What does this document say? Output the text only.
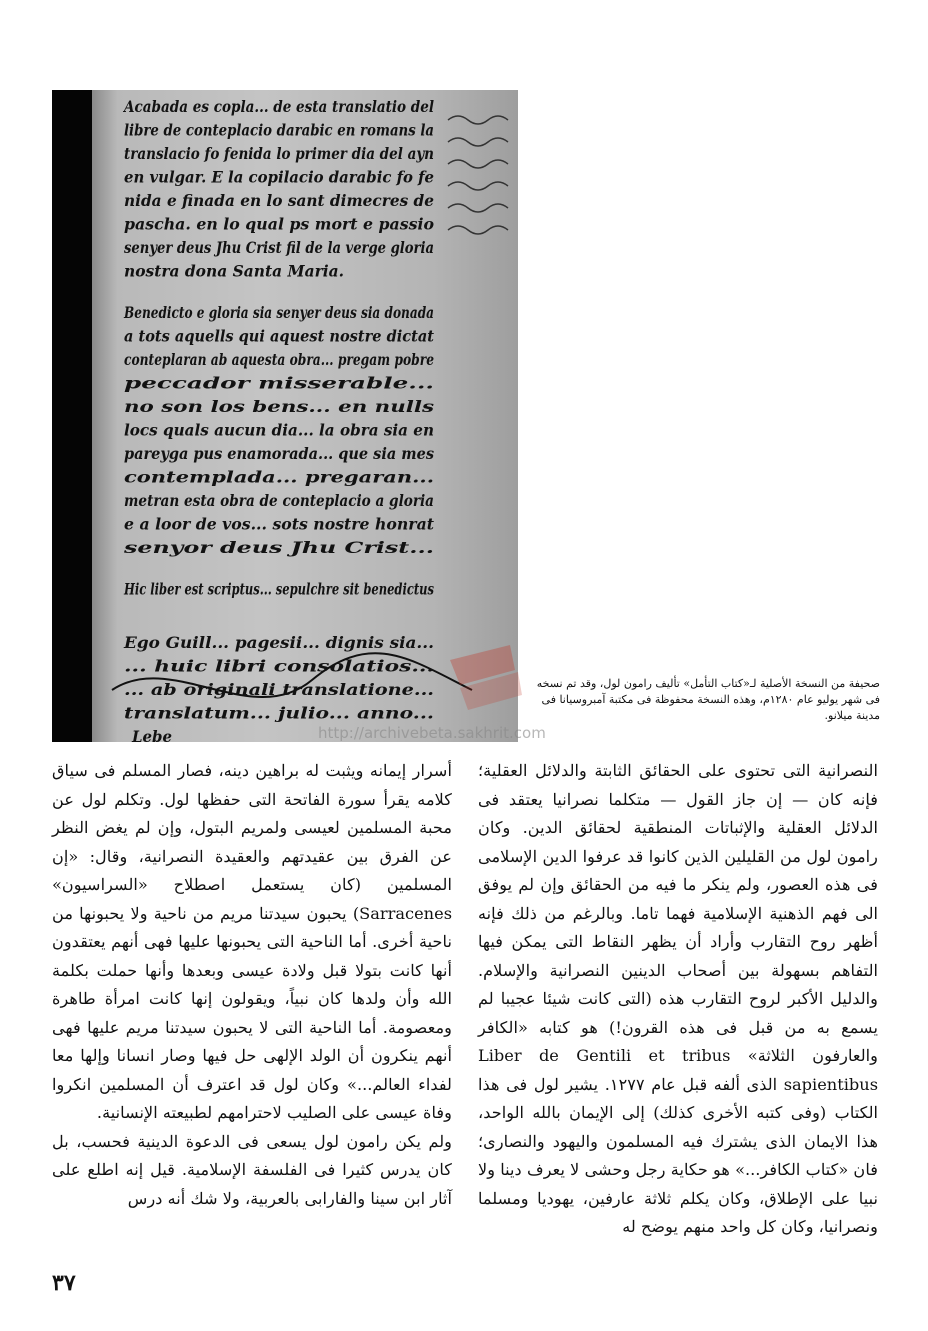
Acabada es copla... de esta translatio del
libre de conteplacio darabic en romans la
translacio fo fenida lo primer dia del ayn
en vulgar. E la copilacio darabic fo fe
nida e finada en lo sant dimecres de
pascha. en lo qual ps mort e passio
senyer deus Jhu Crist fil de la verge gloria
nostra dona Santa Maria.
Benedicto e gloria sia senyer deus sia donada
a tots aquells qui aquest nostre dictat
conteplaran ab aquesta obra... pregam pobre
peccador misserable...
no son los bens... en nulls
locs quals aucun dia... la obra sia en
pareyga pus enamorada... que sia mes
contemplada... pregaran...
metran esta obra de conteplacio a gloria
e a loor de vos... sots nostre honrat
senyor deus Jhu Crist...
Hic liber est scriptus... sepulchre sit benedictus
Ego Guill... pagesii... dignis sia...
... huic libri consolatios...
... ab originali translatione...
translatum... julio... anno...
Lebe	http://archivebeta.sakhrit.com
صحيفة من النسخة الأصلية لـ«كتاب التأمل» تأليف رامون لول، وقد تم نسخه فى شهر يوليو عام ١٢٨٠م، وهذه النسخة محفوظة فى مكتبة آمبروسيانا فى مدينة ميلانو.

النصرانية التى تحتوى على الحقائق الثابتة والدلائل العقلية؛ فإنه كان — إن جاز القول — متكلما نصرانيا يعتقد فى الدلائل العقلية والإثباتات المنطقية لحقائق الدين. وكان رامون لول من القليلين الذين كانوا قد عرفوا الدين الإسلامى فى هذه العصور، ولم ينكر ما فيه من الحقائق وإن لم يوفق الى فهم الذهنية الإسلامية فهما تاما. وبالرغم من ذلك فإنه أظهر روح التقارب وأراد أن يظهر النقاط التى يمكن فيها التفاهم بسهولة بين أصحاب الدينين النصرانية والإسلام. والدليل الأكبر لروح التقارب هذه (التى كانت شيئا عجيبا لم يسمع به من قبل فى هذه القرون!) هو كتابه «الكافر والعارفون الثلاثة» Liber de Gentili et tribus sapientibus الذى ألفه قبل عام ١٢٧٧. يشير لول فى هذا الكتاب (وفى كتبه الأخرى كذلك) إلى الإيمان بالله الواحد، هذا الايمان الذى يشترك فيه المسلمون واليهود والنصارى؛ فان «كتاب الكافر...» هو حكاية رجل وحشى لا يعرف دينا ولا نبيا على الإطلاق، وكان يكلم ثلاثة عارفين، يهوديا ومسلما ونصرانيا، وكان كل واحد منهم يوضح له

أسرار إيمانه ويثبت له براهين دينه، فصار المسلم فى سياق كلامه يقرأ سورة الفاتحة التى حفظها لول. وتكلم لول عن محبة المسلمين لعيسى ولمريم البتول، وإن لم يغض النظر عن الفرق بين عقيدتهم والعقيدة النصرانية، وقال: «إن المسلمين (كان يستعمل اصطلاح «السراسيون» Sarracenes) يحبون سيدتنا مريم من ناحية ولا يحبونها من ناحية أخرى. أما الناحية التى يحبونها عليها فهى أنهم يعتقدون أنها كانت بتولا قبل ولادة عيسى وبعدها وأنها حملت بكلمة الله وأن ولدها كان نبياً، ويقولون إنها كانت امرأة طاهرة ومعصومة. أما الناحية التى لا يحبون سيدتنا مريم عليها فهى أنهم ينكرون أن الولد الإلهى حل فيها وصار انسانا وإلها معا لفداء العالم...» وكان لول قد اعترف أن المسلمين انكروا وفاة عيسى على الصليب لاحترامهم لطبيعته الإنسانية.

ولم يكن رامون لول يسعى فى الدعوة الدينية فحسب، بل كان يدرس كثيرا فى الفلسفة الإسلامية. قيل إنه اطلع على آثار ابن سينا والفارابى بالعربية، ولا شك أنه درس

٣٧
